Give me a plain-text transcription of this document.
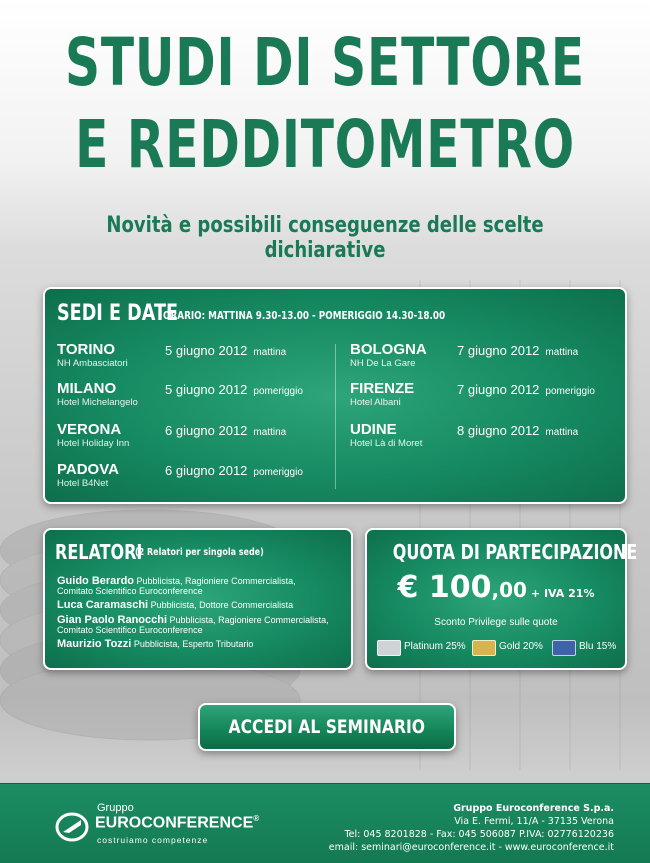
STUDI DI SETTORE
E REDDITOMETRO
Novità e possibili conseguenze delle scelte dichiarative
SEDI E DATE
ORARIO: MATTINA 9.30-13.00 - POMERIGGIO 14.30-18.00
TORINO
NH Ambasciatori
5 giugno 2012 mattina
MILANO
Hotel Michelangelo
5 giugno 2012 pomeriggio
VERONA
Hotel Holiday Inn
6 giugno 2012 mattina
PADOVA
Hotel B4Net
6 giugno 2012 pomeriggio
BOLOGNA
NH De La Gare
7 giugno 2012 mattina
FIRENZE
Hotel Albani
7 giugno 2012 pomeriggio
UDINE
Hotel Là di Moret
8 giugno 2012 mattina
RELATORI
(2 Relatori per singola sede)
Guido Berardo Pubblicista, Ragioniere Commercialista,
Comitato Scientifico Euroconference
Luca Caramaschi Pubblicista, Dottore Commercialista
Gian Paolo Ranocchi Pubblicista, Ragioniere Commercialista,
Comitato Scientifico Euroconference
Maurizio Tozzi Pubblicista, Esperto Tributario
QUOTA DI PARTECIPAZIONE
€ 100,00 + IVA 21%
Sconto Privilege sulle quote
Platinum 25%	Gold 20%	Blu 15%
ACCEDI AL SEMINARIO
Gruppo
EUROCONFERENCE®
costruiamo competenze
Gruppo Euroconference S.p.a.
Via E. Fermi, 11/A - 37135 Verona
Tel: 045 8201828 - Fax: 045 506087 P.IVA: 02776120236
email: seminari@euroconference.it - www.euroconference.it
